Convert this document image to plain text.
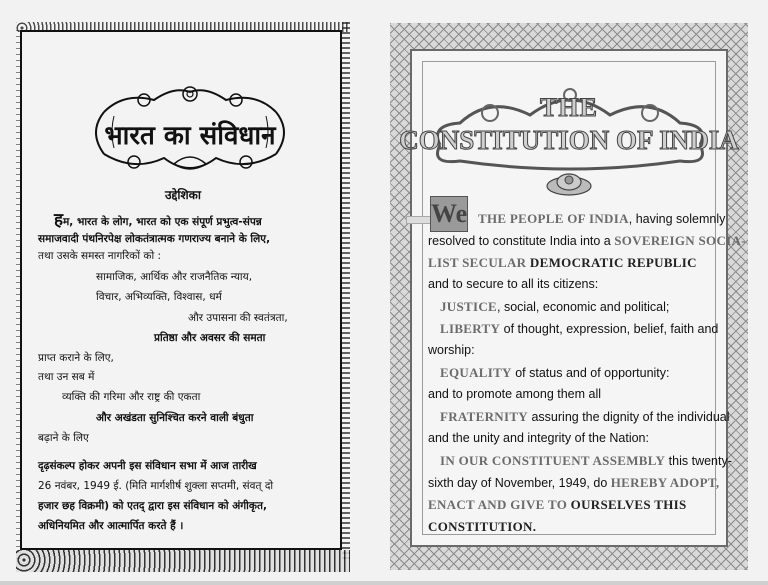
भारत का संविधान
उद्देशिका
हम, भारत के लोग, भारत को एक संपूर्ण प्रभुत्व-संपन्न
समाजवादी पंथनिरपेक्ष लोकतंत्रात्मक गणराज्य बनाने के लिए,
तथा उसके समस्त नागरिकों को :
सामाजिक, आर्थिक और राजनैतिक न्याय,
विचार, अभिव्यक्ति, विश्वास, धर्म
और उपासना की स्वतंत्रता,
प्रतिष्ठा और अवसर की समता
प्राप्त कराने के लिए,
तथा उन सब में
व्यक्ति की गरिमा और राष्ट्र की एकता
और अखंडता सुनिश्चित करने वाली बंधुता
बढ़ाने के लिए
दृढ़संकल्प होकर अपनी इस संविधान सभा में आज तारीख
26 नवंबर, 1949 ई. (मिति मार्गशीर्ष शुक्ला सप्तमी, संवत् दो
हजार छह विक्रमी) को एतद् द्वारा इस संविधान को अंगीकृत,
अधिनियमित और आत्मार्पित करते हैं ।
THE
CONSTITUTION OF INDIA
We THE PEOPLE OF INDIA, having solemnly
resolved to constitute India into a SOVEREIGN SOCIA-
LIST SECULAR DEMOCRATIC REPUBLIC
and to secure to all its citizens:
JUSTICE, social, economic and political;
LIBERTY of thought, expression, belief, faith and
worship:
EQUALITY of status and of opportunity:
and to promote among them all
FRATERNITY assuring the dignity of the individual
and the unity and integrity of the Nation:
IN OUR CONSTITUENT ASSEMBLY this twenty-
sixth day of November, 1949, do HEREBY ADOPT,
ENACT AND GIVE TO OURSELVES THIS
CONSTITUTION.
